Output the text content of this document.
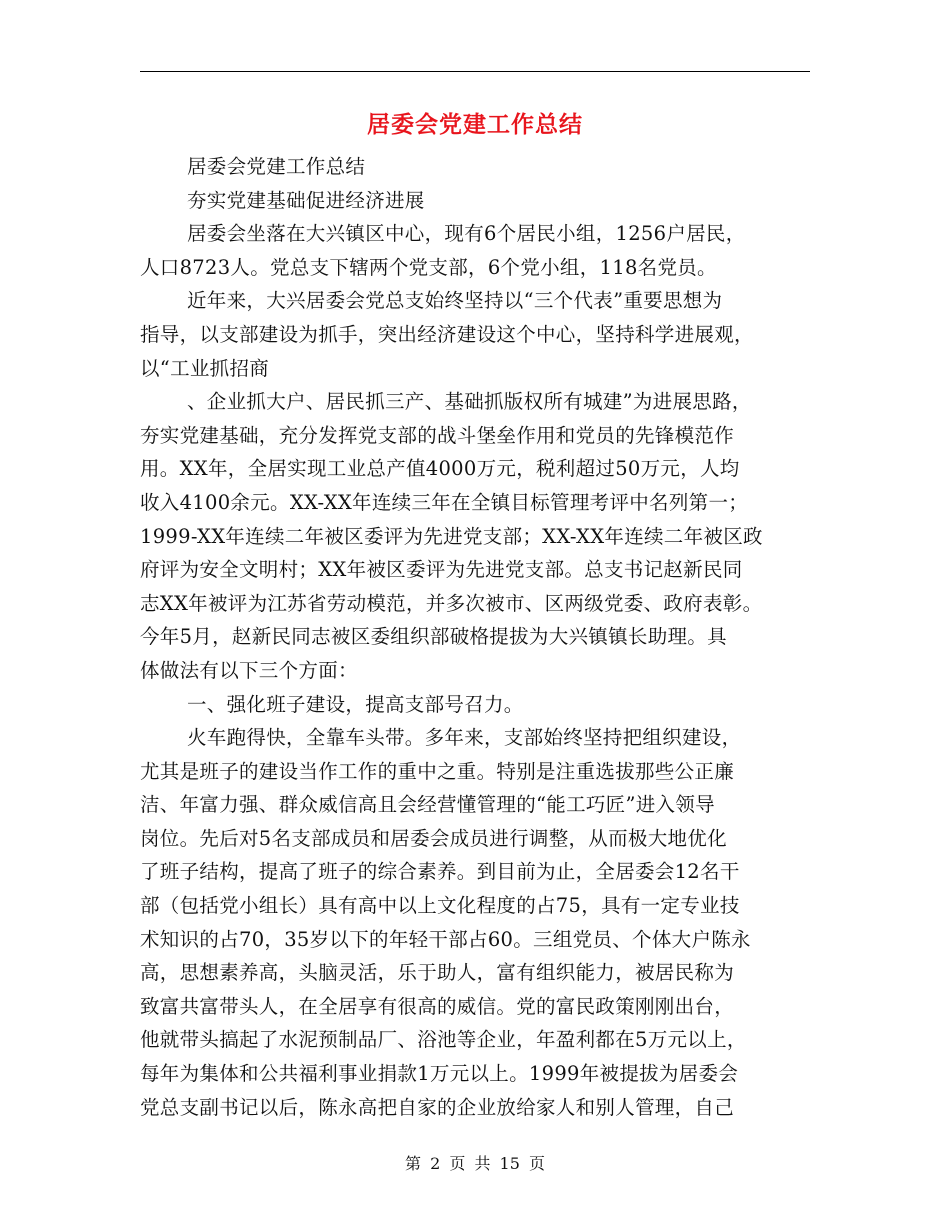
居委会党建工作总结
居委会党建工作总结
夯实党建基础促进经济进展
居委会坐落在大兴镇区中心，现有6个居民小组，1256户居民，
人口8723人。党总支下辖两个党支部，6个党小组，118名党员。
近年来，大兴居委会党总支始终坚持以“三个代表”重要思想为
指导，以支部建设为抓手，突出经济建设这个中心，坚持科学进展观，
以“工业抓招商
、企业抓大户、居民抓三产、基础抓版权所有城建”为进展思路，
夯实党建基础，充分发挥党支部的战斗堡垒作用和党员的先锋模范作
用。XX年，全居实现工业总产值4000万元，税利超过50万元，人均
收入4100余元。XX-XX年连续三年在全镇目标管理考评中名列第一；
1999-XX年连续二年被区委评为先进党支部；XX-XX年连续二年被区政
府评为安全文明村；XX年被区委评为先进党支部。总支书记赵新民同
志XX年被评为江苏省劳动模范，并多次被市、区两级党委、政府表彰。
今年5月，赵新民同志被区委组织部破格提拔为大兴镇镇长助理。具
体做法有以下三个方面：
一、强化班子建设，提高支部号召力。
火车跑得快，全靠车头带。多年来，支部始终坚持把组织建设，
尤其是班子的建设当作工作的重中之重。特别是注重选拔那些公正廉
洁、年富力强、群众威信高且会经营懂管理的“能工巧匠”进入领导
岗位。先后对5名支部成员和居委会成员进行调整，从而极大地优化
了班子结构，提高了班子的综合素养。到目前为止，全居委会12名干
部（包括党小组长）具有高中以上文化程度的占75，具有一定专业技
术知识的占70，35岁以下的年轻干部占60。三组党员、个体大户陈永
高，思想素养高，头脑灵活，乐于助人，富有组织能力，被居民称为
致富共富带头人，在全居享有很高的威信。党的富民政策刚刚出台，
他就带头搞起了水泥预制品厂、浴池等企业，年盈利都在5万元以上，
每年为集体和公共福利事业捐款1万元以上。1999年被提拔为居委会
党总支副书记以后，陈永高把自家的企业放给家人和别人管理，自己
第 2 页 共 15 页
